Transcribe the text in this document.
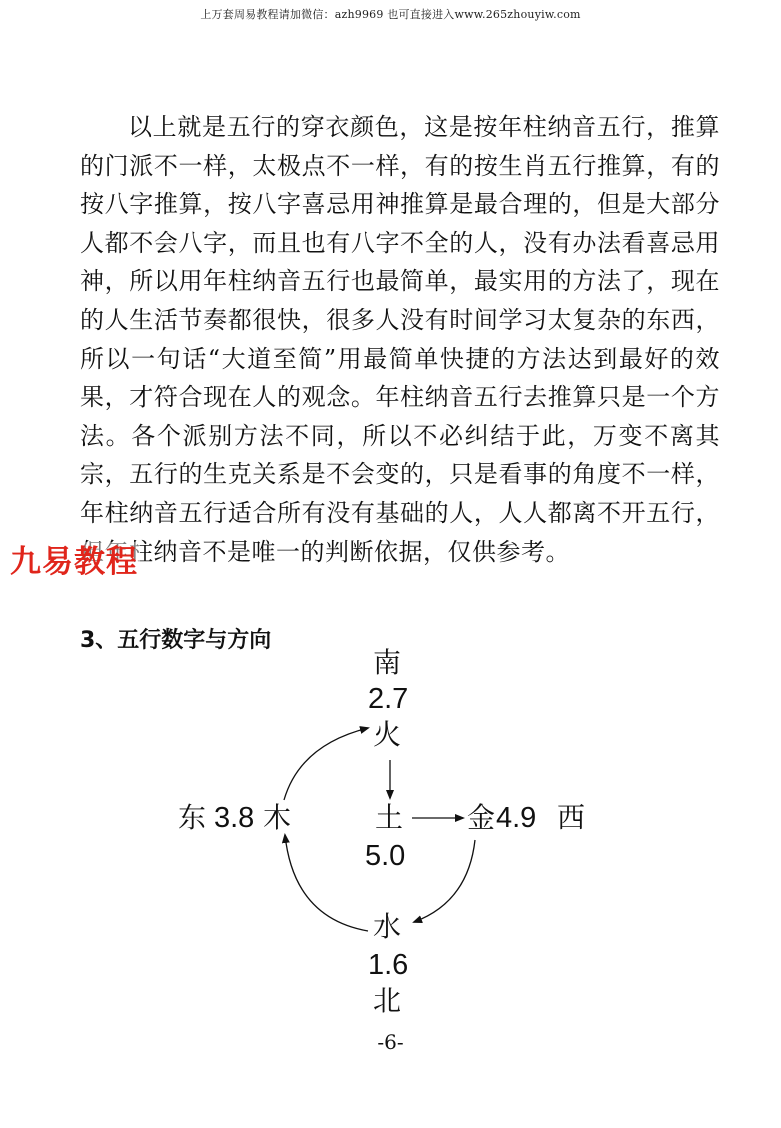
上万套周易教程请加微信：azh9969 也可直接进入www.265zhouyiw.com

以上就是五行的穿衣颜色，这是按年柱纳音五行，推算的门派不一样，太极点不一样，有的按生肖五行推算，有的按八字推算，按八字喜忌用神推算是最合理的，但是大部分人都不会八字，而且也有八字不全的人，没有办法看喜忌用神，所以用年柱纳音五行也最简单，最实用的方法了，现在的人生活节奏都很快，很多人没有时间学习太复杂的东西，所以一句话“大道至简”用最简单快捷的方法达到最好的效果，才符合现在人的观念。年柱纳音五行去推算只是一个方法。各个派别方法不同，所以不必纠结于此，万变不离其宗，五行的生克关系是不会变的，只是看事的角度不一样，年柱纳音五行适合所有没有基础的人，人人都离不开五行，但年柱纳音不是唯一的判断依据，仅供参考。

九易教程
3、五行数字与方向
南
2.7
火
东 3.8 木	土
5.0
金 4.9 西
水
1.6
北
-6-
